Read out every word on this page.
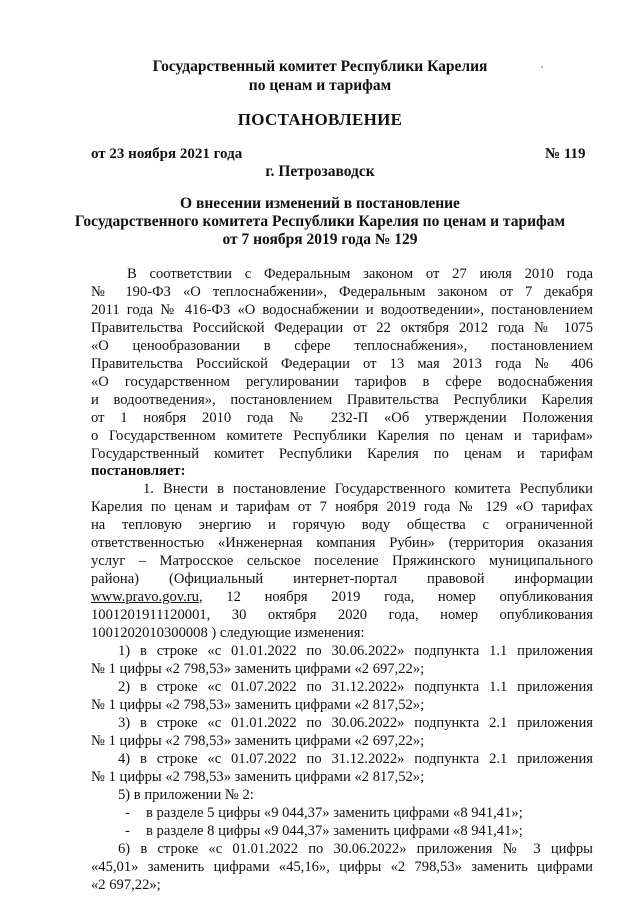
Государственный комитет Республики Карелия
по ценам и тарифам
ПОСТАНОВЛЕНИЕ
от 23 ноября 2021 года	№ 119
г. Петрозаводск
О внесении изменений в постановление
Государственного комитета Республики Карелия по ценам и тарифам
от 7 ноября 2019 года № 129
В соответствии с Федеральным законом от 27 июля 2010 года
№ 190-ФЗ «О теплоснабжении», Федеральным законом от 7 декабря
2011 года № 416-ФЗ «О водоснабжении и водоотведении», постановлением
Правительства Российской Федерации от 22 октября 2012 года № 1075
«О ценообразовании в сфере теплоснабжения», постановлением
Правительства Российской Федерации от 13 мая 2013 года № 406
«О государственном регулировании тарифов в сфере водоснабжения
и водоотведения», постановлением Правительства Республики Карелия
от 1 ноября 2010 года № 232-П «Об утверждении Положения
о Государственном комитете Республики Карелия по ценам и тарифам»
Государственный комитет Республики Карелия по ценам и тарифам
постановляет:
1. Внести в постановление Государственного комитета Республики
Карелия по ценам и тарифам от 7 ноября 2019 года № 129 «О тарифах
на тепловую энергию и горячую воду общества с ограниченной
ответственностью «Инженерная компания Рубин» (территория оказания
услуг – Матросское сельское поселение Пряжинского муниципального
района) (Официальный интернет-портал правовой информации
www.pravo.gov.ru, 12 ноября 2019 года, номер опубликования
1001201911120001, 30 октября 2020 года, номер опубликования
1001202010300008 ) следующие изменения:
1) в строке «с 01.01.2022 по 30.06.2022» подпункта 1.1 приложения
№ 1 цифры «2 798,53» заменить цифрами «2 697,22»;
2) в строке «с 01.07.2022 по 31.12.2022» подпункта 1.1 приложения
№ 1 цифры «2 798,53» заменить цифрами «2 817,52»;
3) в строке «с 01.01.2022 по 30.06.2022» подпункта 2.1 приложения
№ 1 цифры «2 798,53» заменить цифрами «2 697,22»;
4) в строке «с 01.07.2022 по 31.12.2022» подпункта 2.1 приложения
№ 1 цифры «2 798,53» заменить цифрами «2 817,52»;
5) в приложении № 2:
- в разделе 5 цифры «9 044,37» заменить цифрами «8 941,41»;
- в разделе 8 цифры «9 044,37» заменить цифрами «8 941,41»;
6) в строке «с 01.01.2022 по 30.06.2022» приложения № 3 цифры
«45,01» заменить цифрами «45,16», цифры «2 798,53» заменить цифрами
«2 697,22»;
